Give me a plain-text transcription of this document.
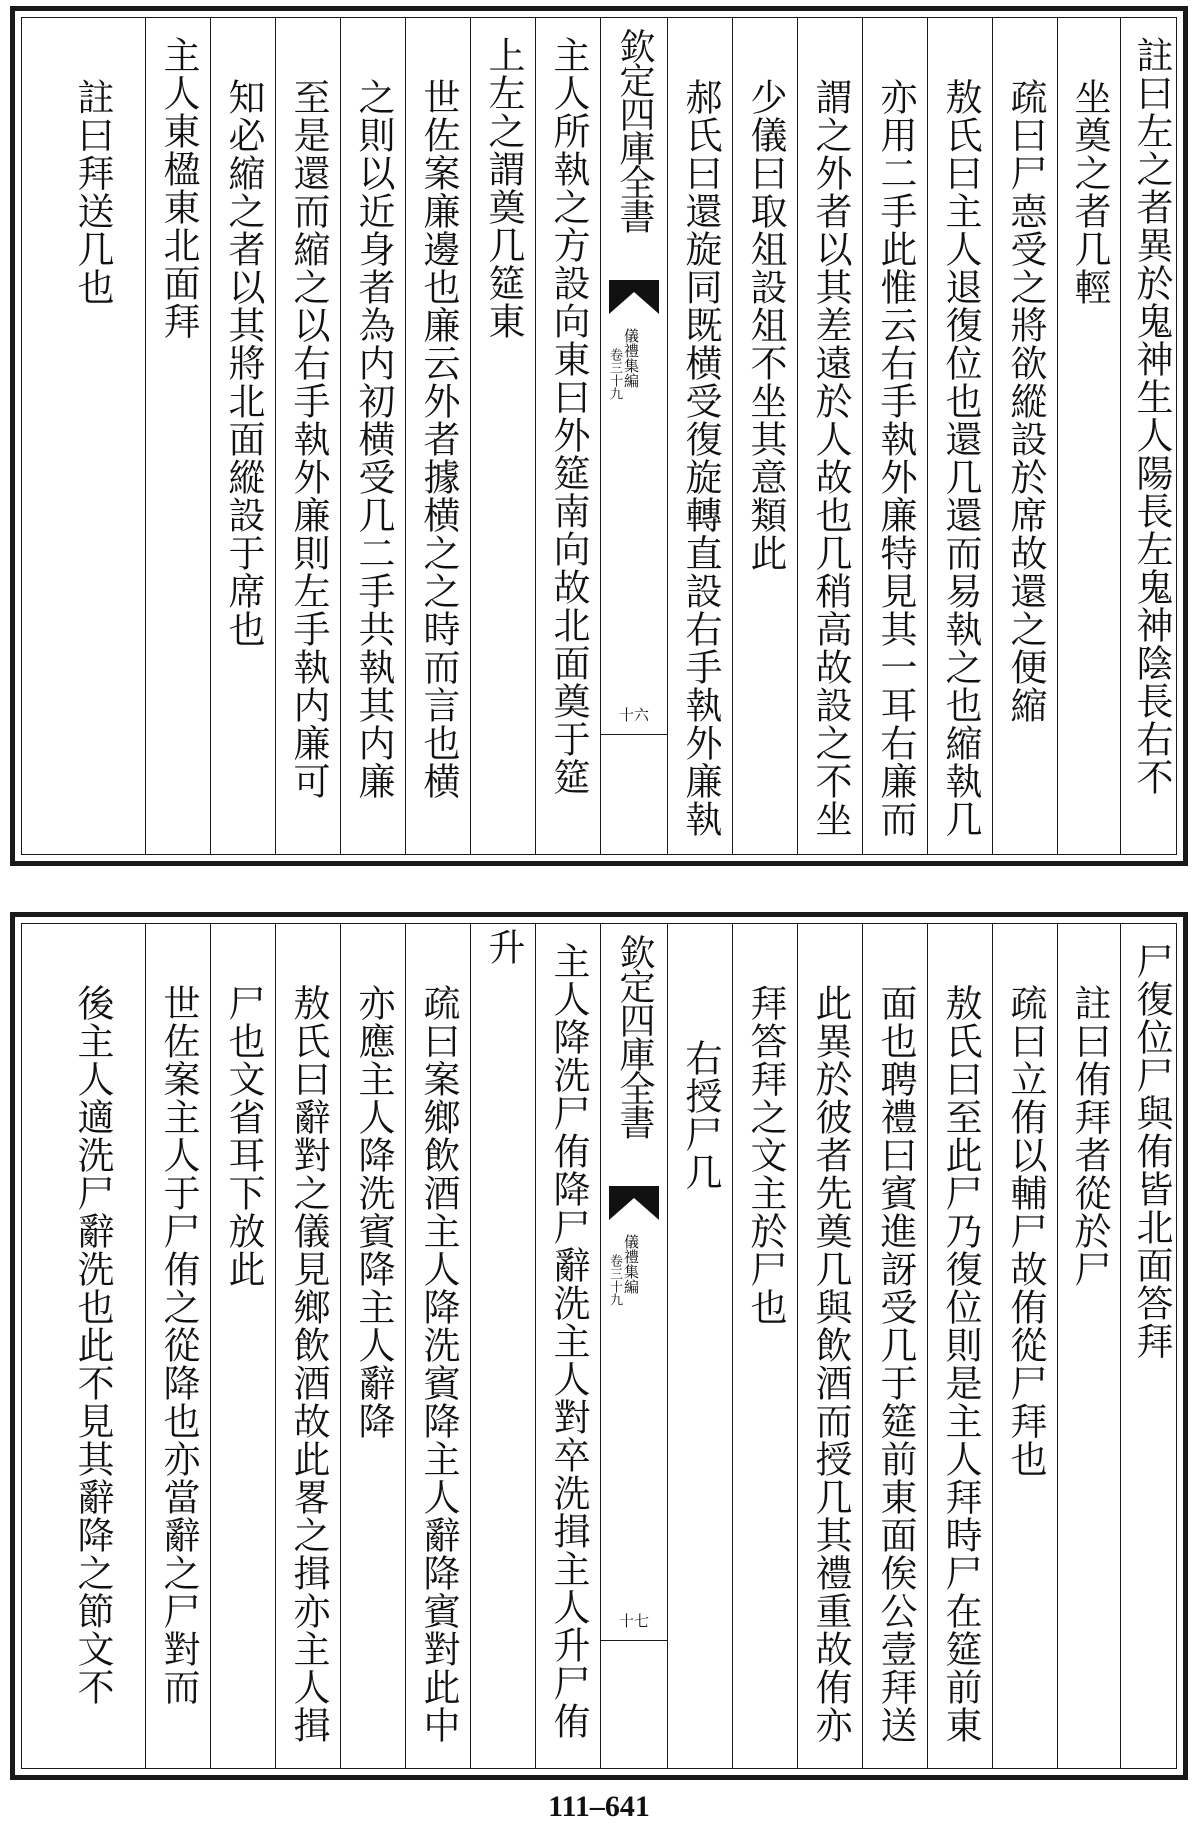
註曰左之者異於鬼神生人陽長左鬼神陰長右不
坐奠之者几輕
疏曰尸𢛳受之將欲縱設於席故還之便縮
敖氏曰主人退復位也還几還而易執之也縮執几
亦用二手此惟云右手執外廉特見其一耳右廉而
謂之外者以其差遠於人故也几稍高故設之不坐
少儀曰取俎設俎不坐其意類此
郝氏曰還旋同既横受復旋轉直設右手執外廉執
欽定四庫全書
儀禮集編
卷三十九
十六
主人所執之方設向東曰外筵南向故北面奠于筵
上左之謂奠几筵東
世佐案廉邊也廉云外者據横之之時而言也横
之則以近身者為内初横受几二手共執其内廉
至是還而縮之以右手執外廉則左手執内廉可
知必縮之者以其將北面縱設于席也
主人東楹東北面拜
註曰拜送几也
尸復位尸與侑皆北面答拜
註曰侑拜者從於尸
疏曰立侑以輔尸故侑從尸拜也
敖氏曰至此尸乃復位則是主人拜時尸在筵前東
面也聘禮曰賓進訝受几于筵前東面俟公壹拜送
此異於彼者先奠几與飲酒而授几其禮重故侑亦
拜答拜之文主於尸也
右授尸几
欽定四庫全書
儀禮集編
卷三十九
十七
主人降洗尸侑降尸辭洗主人對卒洗揖主人升尸侑
升
疏曰案鄉飲酒主人降洗賓降主人辭降賓對此中
亦應主人降洗賓降主人辭降
敖氏曰辭對之儀見鄉飲酒故此畧之揖亦主人揖
尸也文省耳下放此
世佐案主人于尸侑之從降也亦當辭之尸對而
後主人適洗尸辭洗也此不見其辭降之節文不
111–641
